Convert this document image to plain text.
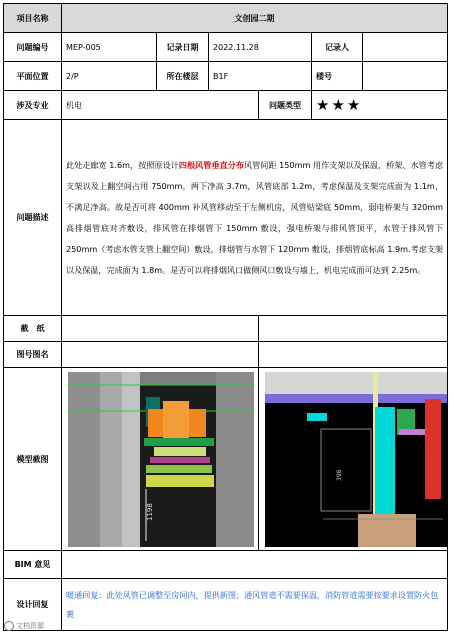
项目名称	文创园二期					
问题编号	MEP-005	记录日期	2022.11.28		记录人	
平面位置	2/P	所在楼层	B1F		楼号	
涉及专业	机电			问题类型	★★★	
问题描述	此处走廊宽 1.6m，按照原设计四根风管垂直分布风管间距 150mm 用作支架以及保温，桥架、水管考虑支架以及上翻空间占用 750mm，两下净高 3.7m，风管底部 1.2m，考虑保温及支架完成面为 1.1m，不满足净高。故是否可将 400mm 补风管移动至于左侧机房，风管贴梁底 50mm，弱电桥架与 320mm 高排烟管底对齐敷设，排风管在排烟管下 150mm 敷设，强电桥架与排风管顶平，水管于排风管下 250mm（考虑水管支管上翻空间）敷设，排烟管与水管下 120mm 敷设，排烟管底标高 1.9m.考虑支架以及保温，完成面为 1.8m。是否可以将排烟风口做侧风口敷设与墙上，机电完成面可达到 2.25m。					
截　纸						
图号图名						
模型截图	1198			398		

BIM 意见						
设计回复	暖通回复：此处风管已调整至房间内，提供新图；通风管道不需要保温，消防管道需要按要求设置防火包裹					
文档资源
